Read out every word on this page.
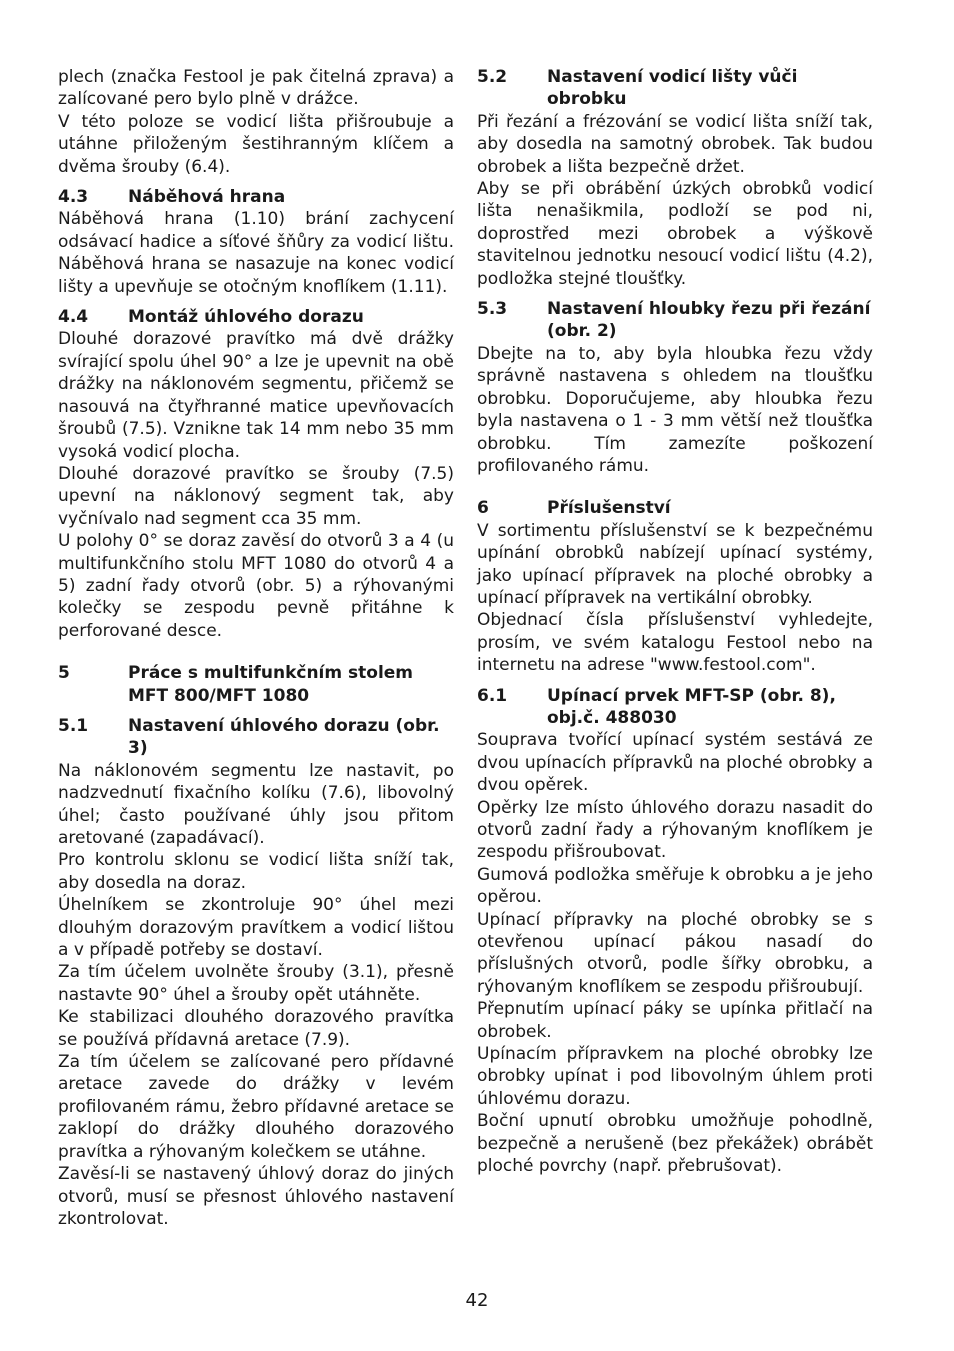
plech (značka Festool je pak čitelná zprava) a zalícované pero bylo plně v drážce.

V této poloze se vodicí lišta přišroubuje a utáhne přiloženým šestihranným klíčem a dvěma šrouby (6.4).

4.3	Náběhová hrana

Náběhová hrana (1.10) brání zachycení odsávací hadice a síťové šňůry za vodicí lištu. Náběhová hrana se nasazuje na konec vodicí lišty a upevňuje se otočným knoflíkem (1.11).

4.4	Montáž úhlového dorazu

Dlouhé dorazové pravítko má dvě drážky svírající spolu úhel 90° a lze je upevnit na obě drážky na náklonovém segmentu, přičemž se nasouvá na čtyřhranné matice upevňovacích šroubů (7.5). Vznikne tak 14 mm nebo 35 mm vysoká vodicí plocha.

Dlouhé dorazové pravítko se šrouby (7.5) upevní na náklonový segment tak, aby vyčnívalo nad segment cca 35 mm.

U polohy 0° se doraz zavěsí do otvorů 3 a 4 (u multifunkčního stolu MFT 1080 do otvorů 4 a 5) zadní řady otvorů (obr. 5) a rýhovanými kolečky se zespodu pevně přitáhne k perforované desce.

5	Práce s multifunkčním stolem MFT 800/MFT 1080
5.1	Nastavení úhlového dorazu (obr. 3)

Na náklonovém segmentu lze nastavit, po nadzvednutí fixačního kolíku (7.6), libovolný úhel; často používané úhly jsou přitom aretované (zapadávací).

Pro kontrolu sklonu se vodicí lišta sníží tak, aby dosedla na doraz.

Úhelníkem se zkontroluje 90° úhel mezi dlouhým dorazovým pravítkem a vodicí lištou a v případě potřeby se dostaví.

Za tím účelem uvolněte šrouby (3.1), přesně nastavte 90° úhel a šrouby opět utáhněte.

Ke stabilizaci dlouhého dorazového pravítka se používá přídavná aretace (7.9).

Za tím účelem se zalícované pero přídavné aretace zavede do drážky v levém profilovaném rámu, žebro přídavné aretace se zaklopí do drážky dlouhého dorazového pravítka a rýhovaným kolečkem se utáhne.

Zavěsí-li se nastavený úhlový doraz do jiných otvorů, musí se přesnost úhlového nastavení zkontrolovat.

5.2	Nastavení vodicí lišty vůči obrobku

Při řezání a frézování se vodicí lišta sníží tak, aby dosedla na samotný obrobek. Tak budou obrobek a lišta bezpečně držet.

Aby se při obrábění úzkých obrobků vodicí lišta nenašikmila, podloží se pod ni, doprostřed mezi obrobek a výškově stavitelnou jednotku nesoucí vodicí lištu (4.2), podložka stejné tloušťky.

5.3	Nastavení hloubky řezu při řezání (obr. 2)

Dbejte na to, aby byla hloubka řezu vždy správně nastavena s ohledem na tloušťku obrobku. Doporučujeme, aby hloubka řezu byla nastavena o 1 - 3 mm větší než tloušťka obrobku. Tím zamezíte poškození profilovaného rámu.

6	Příslušenství

V sortimentu příslušenství se k bezpečnému upínání obrobků nabízejí upínací systémy, jako upínací přípravek na ploché obrobky a upínací přípravek na vertikální obrobky.

Objednací čísla příslušenství vyhledejte, prosím, ve svém katalogu Festool nebo na internetu na adrese "www.festool.com".

6.1	Upínací prvek MFT-SP (obr. 8), obj.č. 488030

Souprava tvořící upínací systém sestává ze dvou upínacích přípravků na ploché obrobky a dvou opěrek.

Opěrky lze místo úhlového dorazu nasadit do otvorů zadní řady a rýhovaným knoflíkem je zespodu přišroubovat.

Gumová podložka směřuje k obrobku a je jeho opěrou.

Upínací přípravky na ploché obrobky se s otevřenou upínací pákou nasadí do příslušných otvorů, podle šířky obrobku, a rýhovaným knoflíkem se zespodu přišroubují.

Přepnutím upínací páky se upínka přitlačí na obrobek.

Upínacím přípravkem na ploché obrobky lze obrobky upínat i pod libovolným úhlem proti úhlovému dorazu.

Boční upnutí obrobku umožňuje pohodlně, bezpečně a nerušeně (bez překážek) obrábět ploché povrchy (např. přebrušovat).

42
